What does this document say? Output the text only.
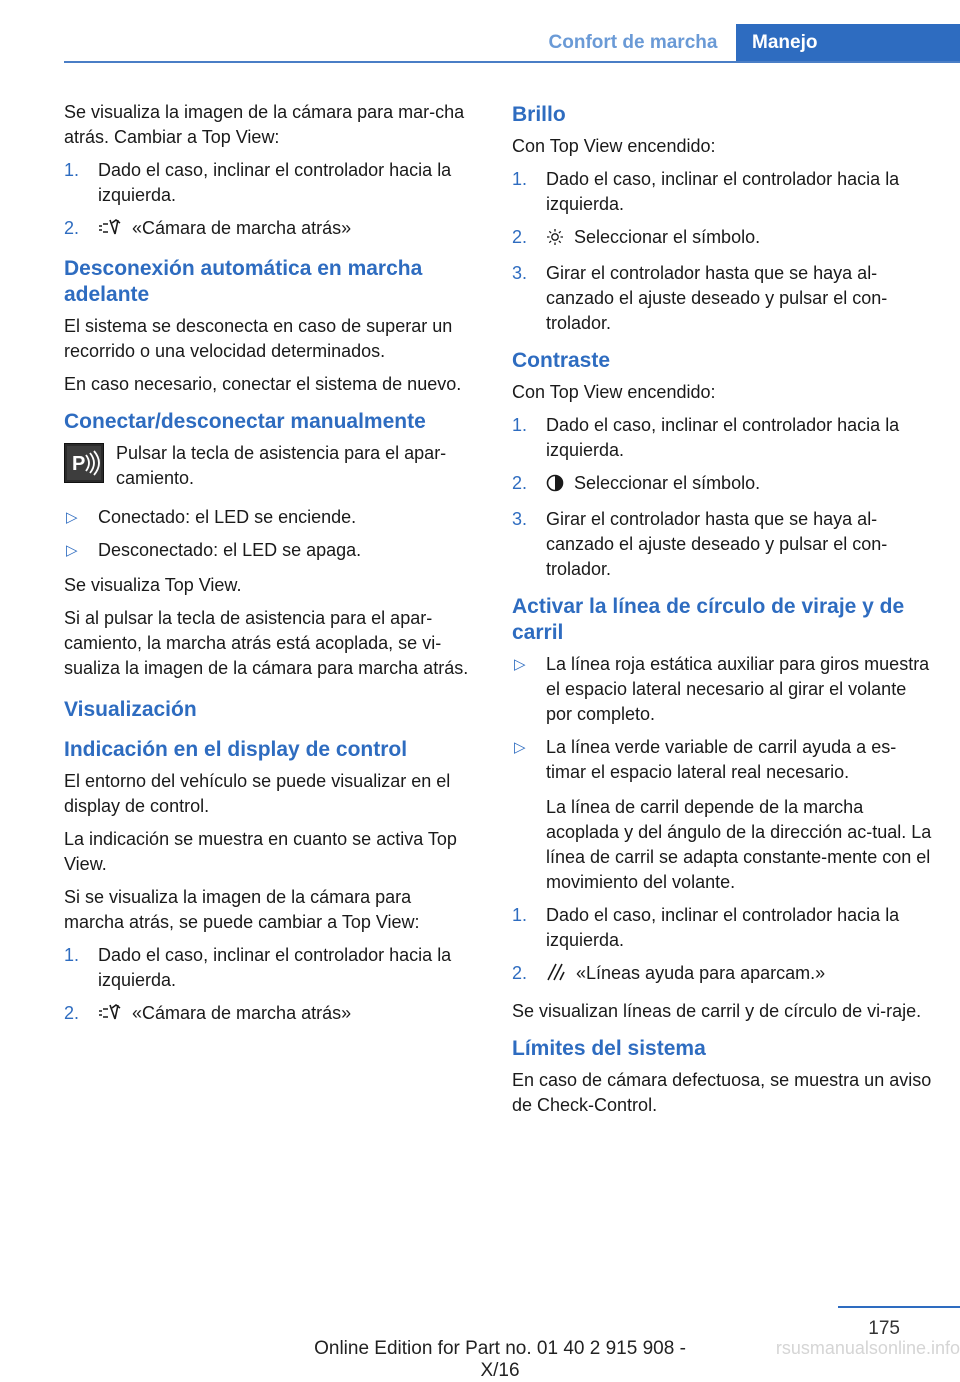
Confort de marcha	Manejo

Se visualiza la imagen de la cámara para mar‐cha atrás. Cambiar a Top View:

1. Dado el caso, inclinar el controlador hacia la izquierda.
2.	«Cámara de marcha atrás»
Desconexión automática en marcha adelante

El sistema se desconecta en caso de superar un recorrido o una velocidad determinados.

En caso necesario, conectar el sistema de nuevo.

Conectar/desconectar manualmente
P Pulsar la tecla de asistencia para el apar‐camiento.
▷ Conectado: el LED se enciende.
▷ Desconectado: el LED se apaga.

Se visualiza Top View.

Si al pulsar la tecla de asistencia para el apar‐camiento, la marcha atrás está acoplada, se vi‐sualiza la imagen de la cámara para marcha atrás.

Visualización
Indicación en el display de control

El entorno del vehículo se puede visualizar en el display de control.

La indicación se muestra en cuanto se activa Top View.

Si se visualiza la imagen de la cámara para marcha atrás, se puede cambiar a Top View:

1. Dado el caso, inclinar el controlador hacia la izquierda.
2.	«Cámara de marcha atrás»
Brillo

Con Top View encendido:

1. Dado el caso, inclinar el controlador hacia la izquierda.
2.	Seleccionar el símbolo.
3. Girar el controlador hasta que se haya al‐canzado el ajuste deseado y pulsar el con‐trolador.
Contraste

Con Top View encendido:

1. Dado el caso, inclinar el controlador hacia la izquierda.
2.	Seleccionar el símbolo.
3. Girar el controlador hasta que se haya al‐canzado el ajuste deseado y pulsar el con‐trolador.
Activar la línea de círculo de viraje y de carril
▷ La línea roja estática auxiliar para giros muestra el espacio lateral necesario al girar el volante por completo.
▷ La línea verde variable de carril ayuda a es‐timar el espacio lateral real necesario.

La línea de carril depende de la marcha acoplada y del ángulo de la dirección ac‐tual. La línea de carril se adapta constante‐mente con el movimiento del volante.

1. Dado el caso, inclinar el controlador hacia la izquierda.
2.	«Líneas ayuda para aparcam.»

Se visualizan líneas de carril y de círculo de vi‐raje.

Límites del sistema

En caso de cámara defectuosa, se muestra un aviso de Check-Control.

175
rsusmanualsonline.info
Online Edition for Part no. 01 40 2 915 908 - X/16
